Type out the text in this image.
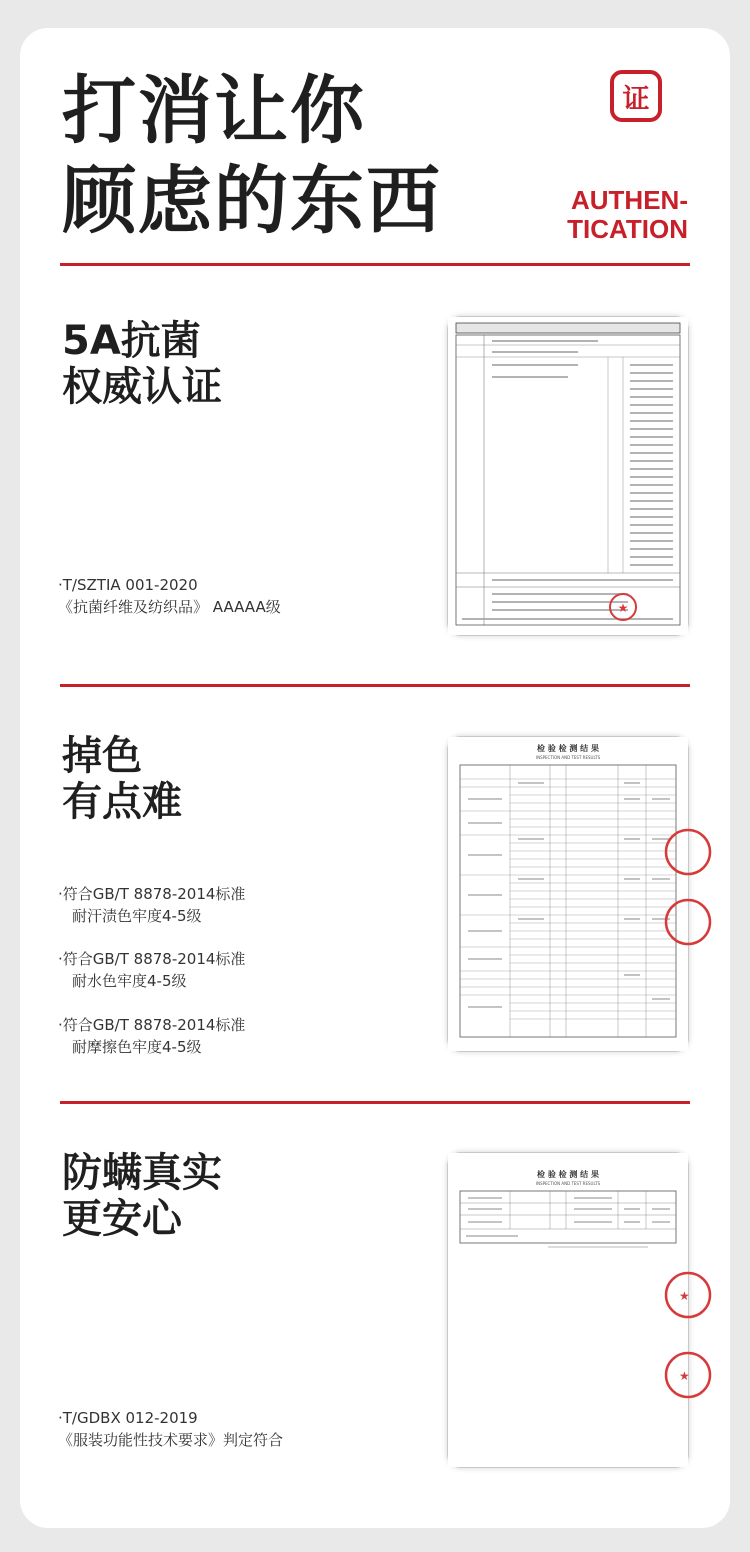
打消让你
顾虑的东西
证
AUTHEN-
TICATION
5A抗菌
权威认证
·T/SZTIA 001-2020
《抗菌纤维及纺织品》 AAAAA级	★
掉色
有点难
·符合GB/T 8878-2014标准
耐汗渍色牢度4-5级
·符合GB/T 8878-2014标准
耐水色牢度4-5级
·符合GB/T 8878-2014标准
耐摩擦色牢度4-5级
检 验 检 测 结 果
INSPECTION AND TEST RESULTS
防螨真实
更安心
·T/GDBX 012-2019
《服装功能性技术要求》判定符合
检 验 检 测 结 果
INSPECTION AND TEST RESULTS
★
★
